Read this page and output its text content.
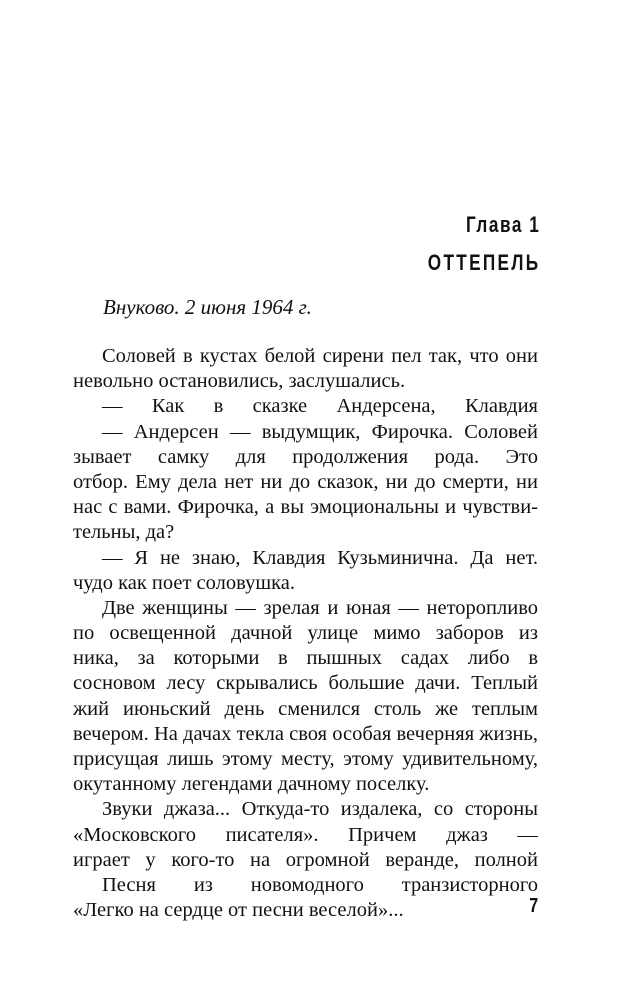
Глава 1
ОТТЕПЕЛЬ
Внуково. 2 июня 1964 г.
Соловей в кустах белой сирени пел так, что они
невольно остановились, заслушались.
— Как в сказке Андерсена, Клавдия
— Андерсен — выдумщик, Фирочка. Соловей
зывает самку для продолжения рода. Это
отбор. Ему дела нет ни до сказок, ни до смерти, ни
нас с вами. Фирочка, а вы эмоциональны и чувстви-
тельны, да?
— Я не знаю, Клавдия Кузьминична. Да нет.
чудо как поет соловушка.
Две женщины — зрелая и юная — неторопливо
по освещенной дачной улице мимо заборов из
ника, за которыми в пышных садах либо в
сосновом лесу скрывались большие дачи. Теплый
жий июньский день сменился столь же теплым
вечером. На дачах текла своя особая вечерняя жизнь,
присущая лишь этому месту, этому удивительному,
окутанному легендами дачному поселку.
Звуки джаза... Откуда-то издалека, со стороны
«Московского писателя». Причем джаз —
играет у кого-то на огромной веранде, полной
Песня из новомодного транзисторного
«Легко на сердце от песни веселой»...	7
